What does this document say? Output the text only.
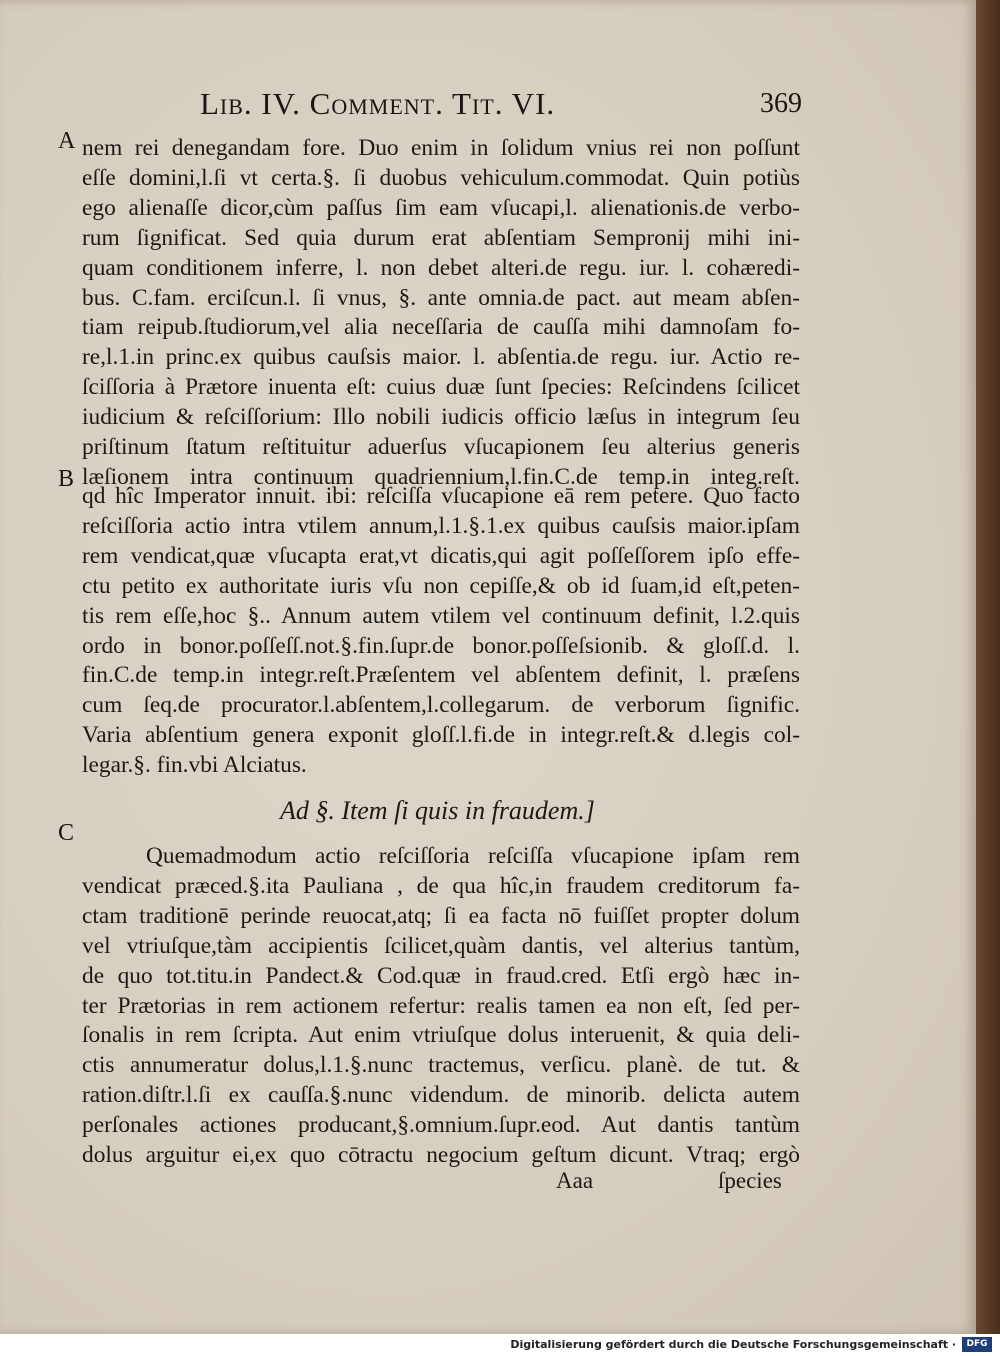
Lib. IV. Comment. Tit. VI.	369
A
B
C
nem rei denegandam fore. Duo enim in ſolidum vnius rei non poſſunt
eſſe domini,l.ſi vt certa.§. ſi duobus vehiculum.commodat. Quin potiùs
ego alienaſſe dicor,cùm paſſus ſim eam vſucapi,l. alienationis.de verbo-
rum ſignificat. Sed quia durum erat abſentiam Sempronij mihi ini-
quam conditionem inferre, l. non debet alteri.de regu. iur. l. cohæredi-
bus. C.fam. erciſcun.l. ſi vnus, §. ante omnia.de pact. aut meam abſen-
tiam reipub.ſtudiorum,vel alia neceſſaria de cauſſa mihi damnoſam fo-
re,l.1.in princ.ex quibus cauſsis maior. l. abſentia.de regu. iur. Actio re-
ſciſſoria à Prætore inuenta eſt: cuius duæ ſunt ſpecies: Reſcindens ſcilicet
iudicium & reſciſſorium: Illo nobili iudicis officio læſus in integrum ſeu
priſtinum ſtatum reſtituitur aduerſus vſucapionem ſeu alterius generis
læſionem intra continuum quadriennium,l.fin.C.de temp.in integ.reſt.
qd hîc Imperator innuit. ibi: reſciſſa vſucapione eā rem petere. Quo facto
reſciſſoria actio intra vtilem annum,l.1.§.1.ex quibus cauſsis maior.ipſam
rem vendicat,quæ vſucapta erat,vt dicatis,qui agit poſſeſſorem ipſo effe-
ctu petito ex authoritate iuris vſu non cepiſſe,& ob id ſuam,id eſt,peten-
tis rem eſſe,hoc §.. Annum autem vtilem vel continuum definit, l.2.quis
ordo in bonor.poſſeſſ.not.§.fin.ſupr.de bonor.poſſeſsionib. & gloſſ.d. l.
fin.C.de temp.in integr.reſt.Præſentem vel abſentem definit, l. præſens
cum ſeq.de procurator.l.abſentem,l.collegarum. de verborum ſignific.
Varia abſentium genera exponit gloſſ.l.fi.de in integr.reſt.& d.legis col-
legar.§. fin.vbi Alciatus.
Ad §. Item ſi quis in fraudem.]
Quemadmodum actio reſciſſoria reſciſſa vſucapione ipſam rem
vendicat præced.§.ita Pauliana , de qua hîc,in fraudem creditorum fa-
ctam traditionē perinde reuocat,atq; ſi ea facta nō fuiſſet propter dolum
vel vtriuſque,tàm accipientis ſcilicet,quàm dantis, vel alterius tantùm,
de quo tot.titu.in Pandect.& Cod.quæ in fraud.cred. Etſi ergò hæc in-
ter Prætorias in rem actionem refertur: realis tamen ea non eſt, ſed per-
ſonalis in rem ſcripta. Aut enim vtriuſque dolus interuenit, & quia deli-
ctis annumeratur dolus,l.1.§.nunc tractemus, verſicu. planè. de tut. &
ration.diſtr.l.ſi ex cauſſa.§.nunc videndum. de minorib. delicta autem
perſonales actiones producant,§.omnium.ſupr.eod. Aut dantis tantùm
dolus arguitur ei,ex quo cōtractu negocium geſtum dicunt. Vtraq; ergò
Aaa	ſpecies
Digitalisierung gefördert durch die Deutsche Forschungsgemeinschaft ·	DFG
